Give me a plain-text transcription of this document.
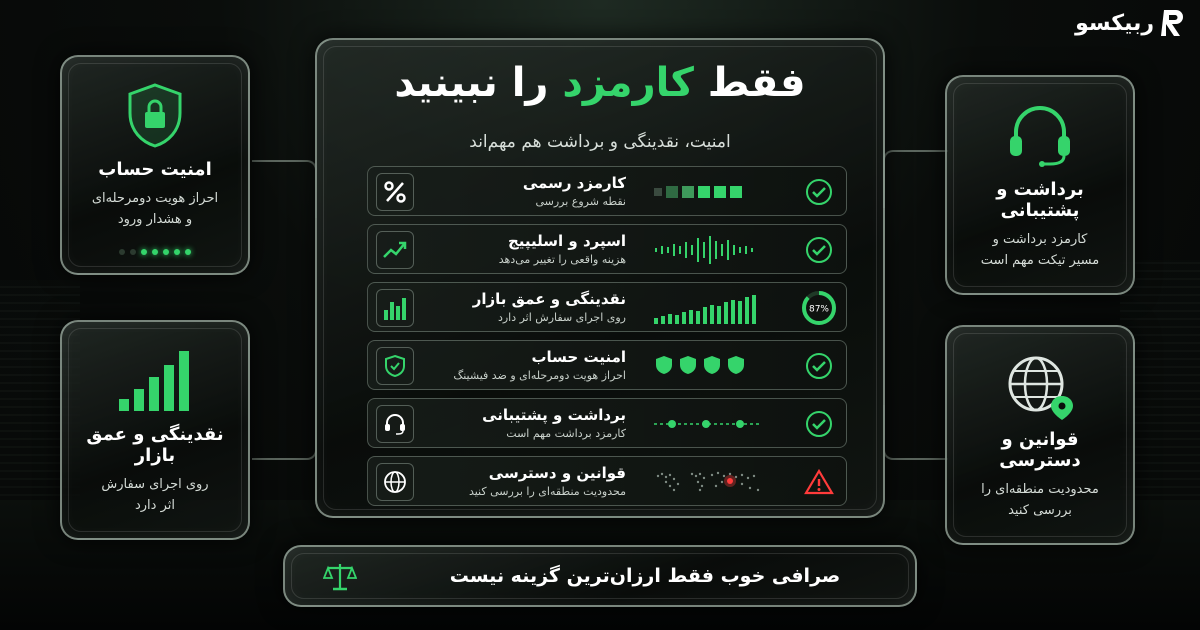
ربیکسو
امنیت حساب
احراز هویت دومرحله‌ای
و هشدار ورود
نقدینگی و عمق بازار
روی اجرای سفارش
اثر دارد
برداشت و پشتیبانی
کارمزد برداشت و
مسیر تیکت مهم است
قوانین و دسترسی
محدودیت منطقه‌ای را
بررسی کنید
فقط کارمزد را نبینید
امنیت، نقدینگی و برداشت هم مهم‌اند
کارمزد رسمی
نقطه شروع بررسی
اسپرد و اسلیپیج
هزینه واقعی را تغییر می‌دهد
87%
نقدینگی و عمق بازار
روی اجرای سفارش اثر دارد
امنیت حساب
احراز هویت دومرحله‌ای و ضد فیشینگ
برداشت و پشتیبانی
کارمزد برداشت مهم است
قوانین و دسترسی
محدودیت منطقه‌ای را بررسی کنید
صرافی خوب فقط ارزان‌ترین گزینه نیست
